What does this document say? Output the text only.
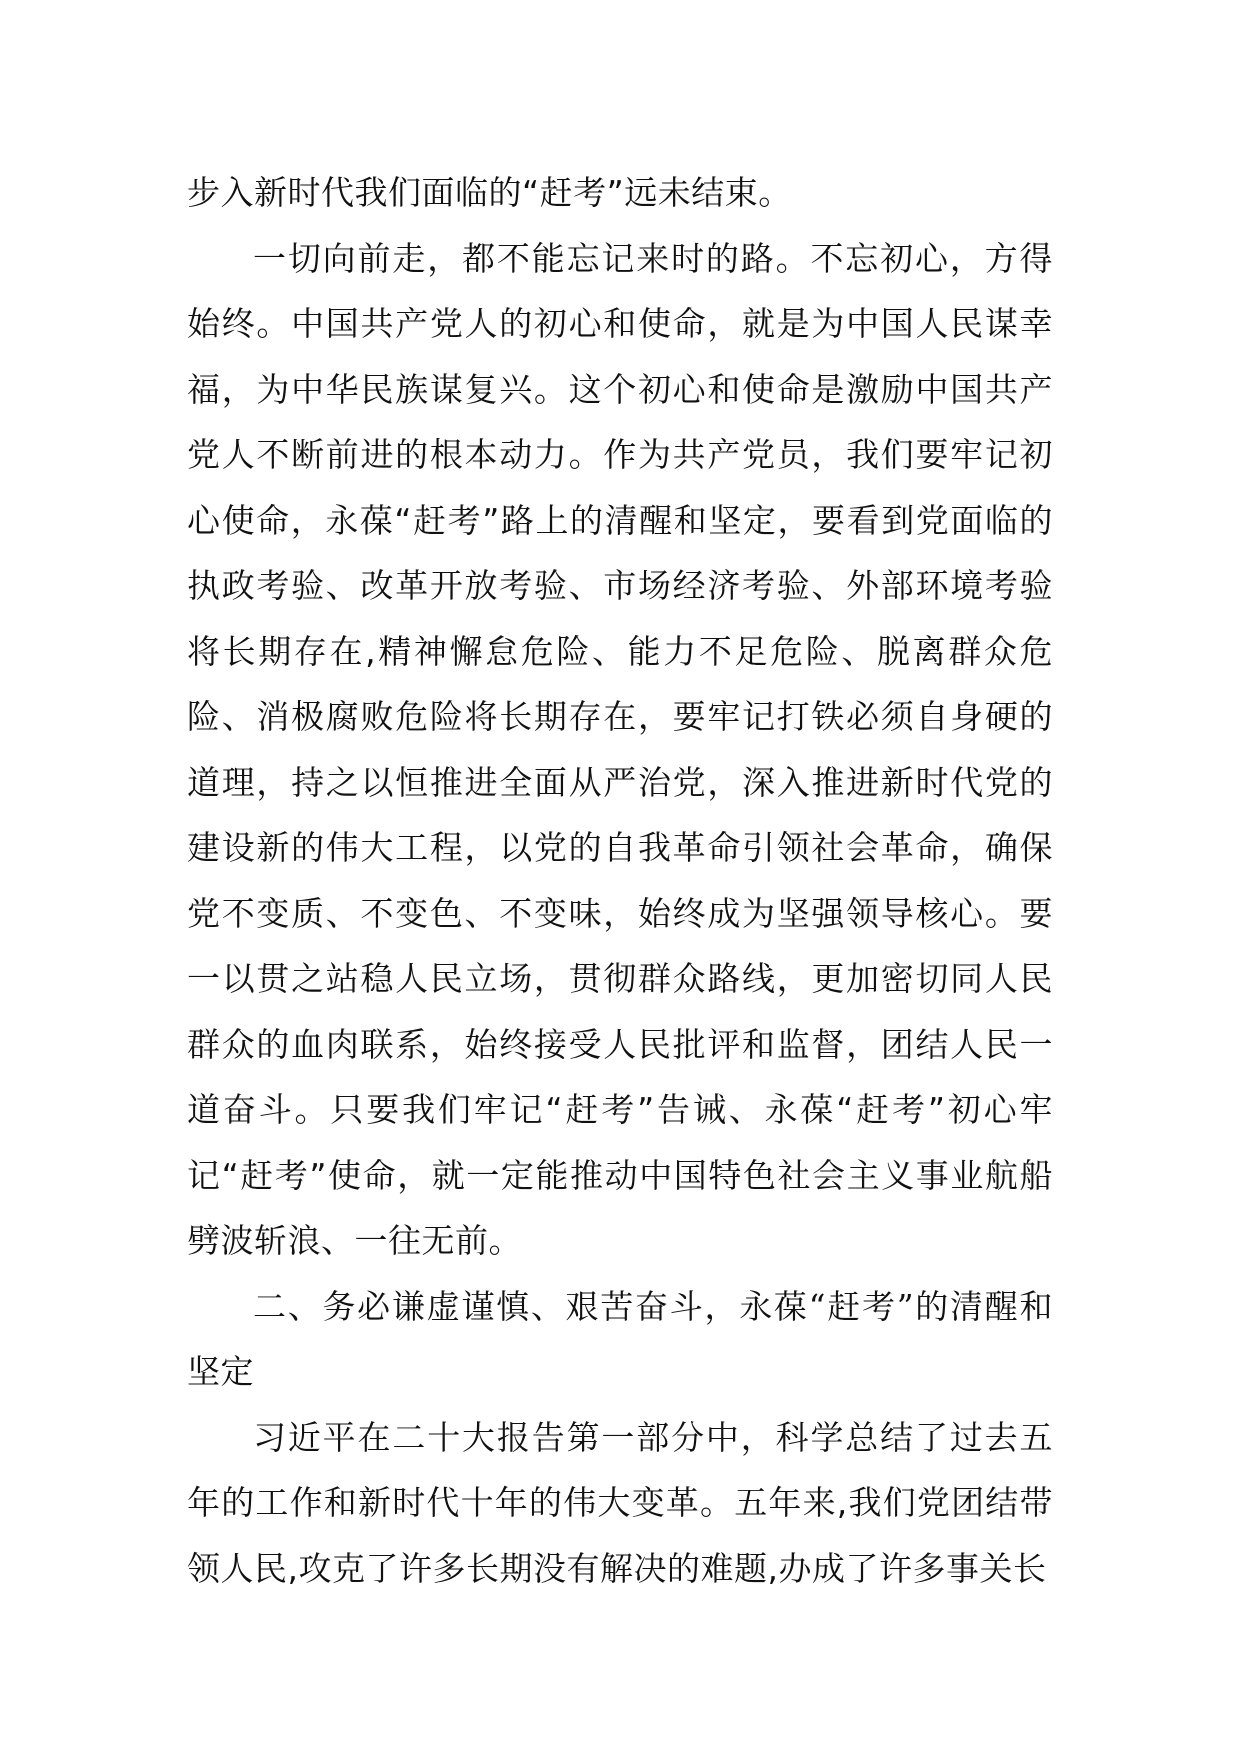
步入新时代我们面临的“赶考”远未结束。

一切向前走，都不能忘记来时的路。不忘初心，方得始终。中国共产党人的初心和使命，就是为中国人民谋幸福，为中华民族谋复兴。这个初心和使命是激励中国共产党人不断前进的根本动力。作为共产党员，我们要牢记初心使命，永葆“赶考”路上的清醒和坚定，要看到党面临的执政考验、改革开放考验、市场经济考验、外部环境考验将长期存在,精神懈怠危险、能力不足危险、脱离群众危险、消极腐败危险将长期存在，要牢记打铁必须自身硬的道理，持之以恒推进全面从严治党，深入推进新时代党的建设新的伟大工程，以党的自我革命引领社会革命，确保党不变质、不变色、不变味，始终成为坚强领导核心。要一以贯之站稳人民立场，贯彻群众路线，更加密切同人民群众的血肉联系，始终接受人民批评和监督，团结人民一道奋斗。只要我们牢记“赶考”告诫、永葆“赶考”初心牢记“赶考”使命，就一定能推动中国特色社会主义事业航船劈波斩浪、一往无前。

二、务必谦虚谨慎、艰苦奋斗，永葆“赶考”的清醒和坚定

习近平在二十大报告第一部分中，科学总结了过去五年的工作和新时代十年的伟大变革。五年来,我们党团结带领人民,攻克了许多长期没有解决的难题,办成了许多事关长
